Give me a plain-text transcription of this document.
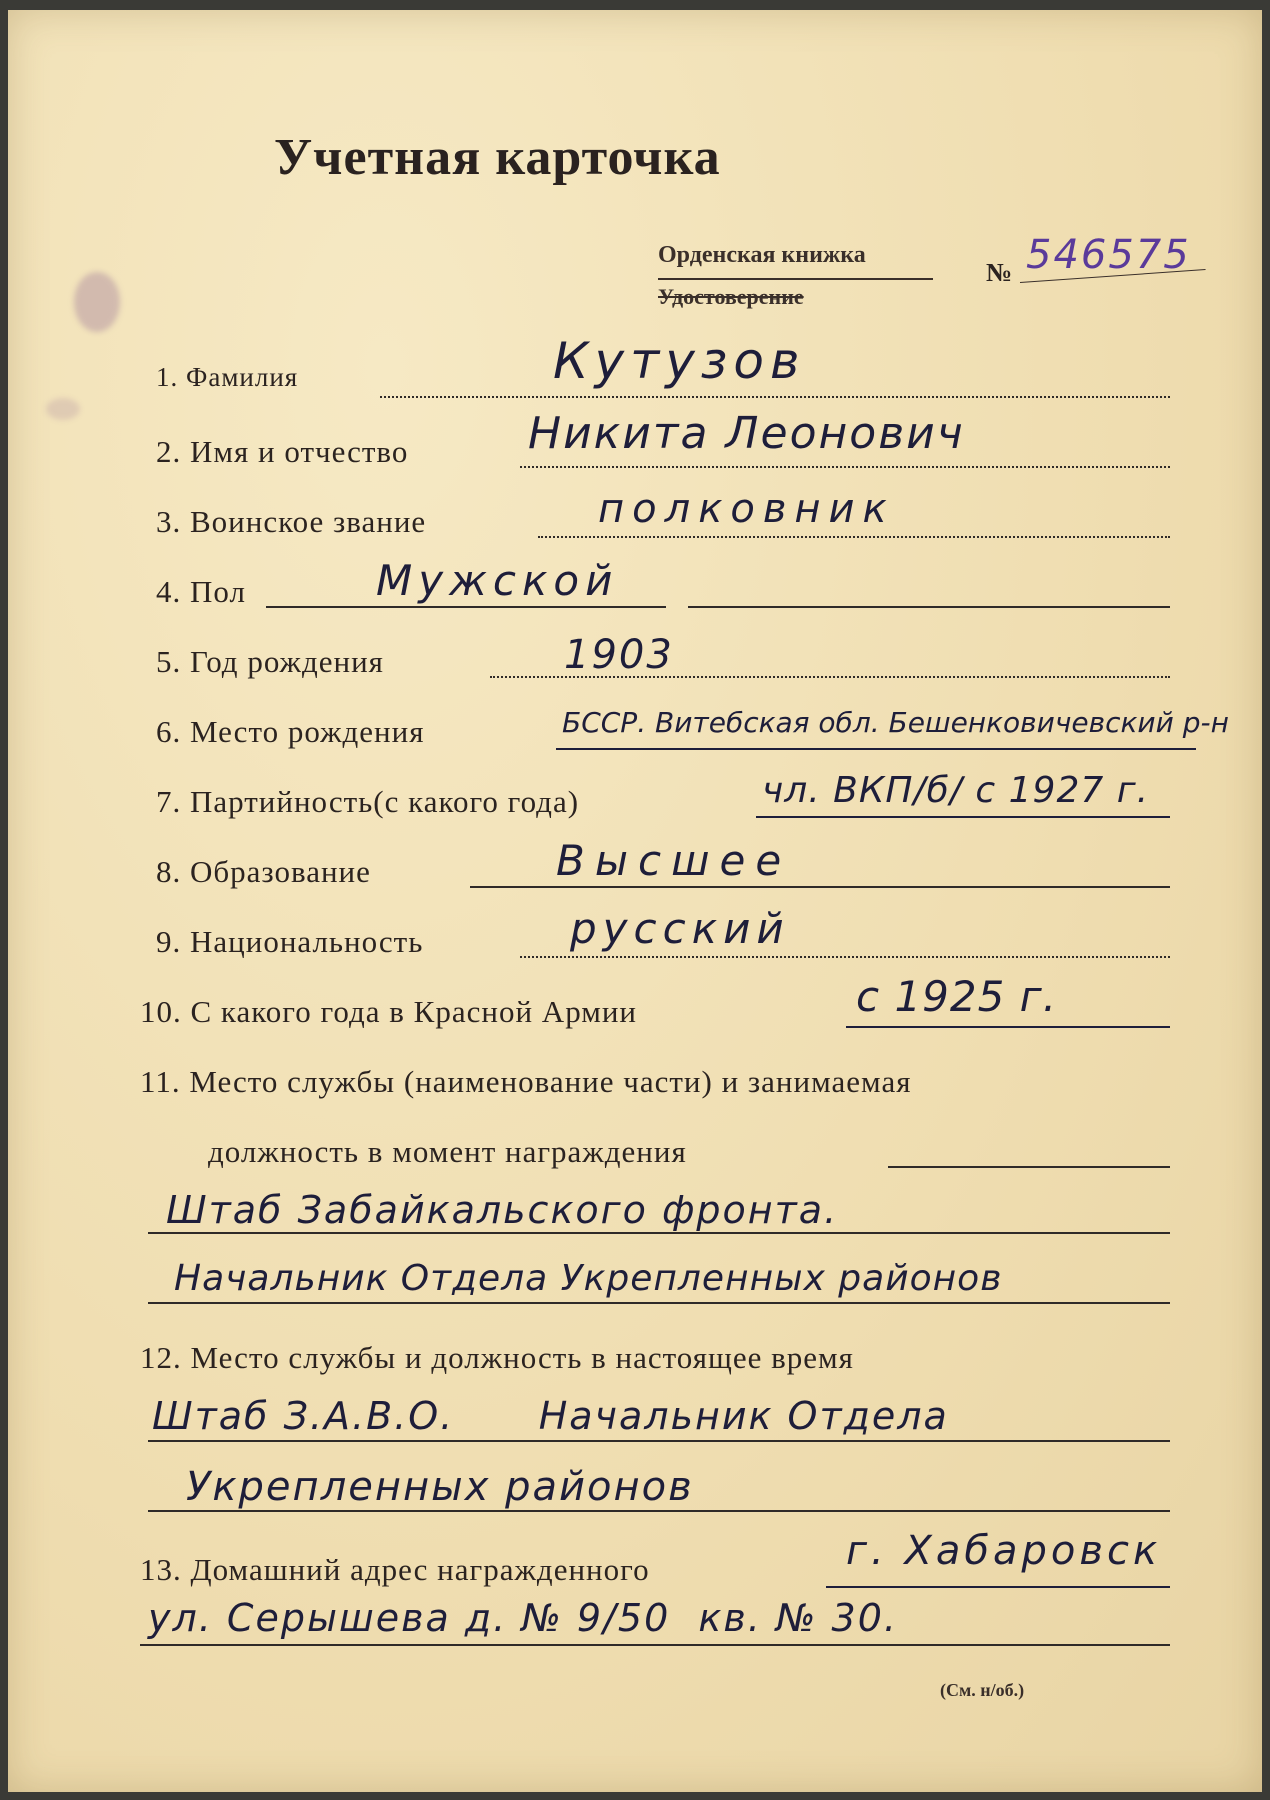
Учетная карточка
Орденская книжка
Удостоверение
№ 546575
1. Фамилия	Кутузов
2. Имя и отчество	Никита Леонович
3. Воинское звание	полковник
4. Пол	Мужской
5. Год рождения	1903
6. Место рождения	БССР. Витебская обл. Бешенковичевский р-н
7. Партийность(с какого года)	чл. ВКП/б/ с 1927 г.
8. Образование	Высшее
9. Национальность	русский
10. С какого года в Красной Армии	с 1925 г.
11. Место службы (наименование части) и занимаемая
должность в момент награждения
Штаб Забайкальского фронта.
Начальник Отдела Укрепленных районов
12. Место службы и должность в настоящее время
Штаб З.А.В.О.      Начальник Отдела
Укрепленных районов
13. Домашний адрес награжденного	г. Хабаровск
ул. Серышева д. № 9/50  кв. № 30.
(См. н/об.)
